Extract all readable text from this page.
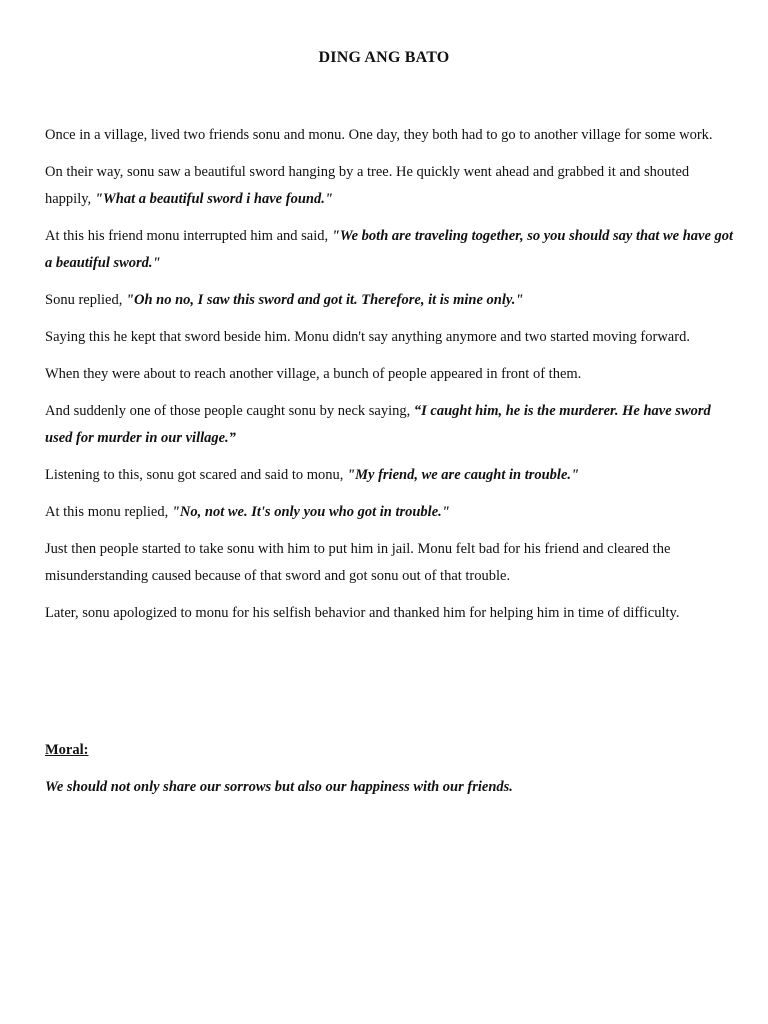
DING ANG BATO

Once in a village, lived two friends sonu and monu. One day, they both had to go to another village for some work.

On their way, sonu saw a beautiful sword hanging by a tree. He quickly went ahead and grabbed it and shouted happily, "What a beautiful sword i have found."

At this his friend monu interrupted him and said, "We both are traveling together, so you should say that we have got a beautiful sword."

Sonu replied, "Oh no no, I saw this sword and got it. Therefore, it is mine only."

Saying this he kept that sword beside him. Monu didn't say anything anymore and two started moving forward.

When they were about to reach another village, a bunch of people appeared in front of them.

And suddenly one of those people caught sonu by neck saying, “I caught him, he is the murderer. He have sword used for murder in our village.”

Listening to this, sonu got scared and said to monu, "My friend, we are caught in trouble."

At this monu replied, "No, not we. It's only you who got in trouble."

Just then people started to take sonu with him to put him in jail. Monu felt bad for his friend and cleared the misunderstanding caused because of that sword and got sonu out of that trouble.

Later, sonu apologized to monu for his selfish behavior and thanked him for helping him in time of difficulty.

Moral:
We should not only share our sorrows but also our happiness with our friends.
